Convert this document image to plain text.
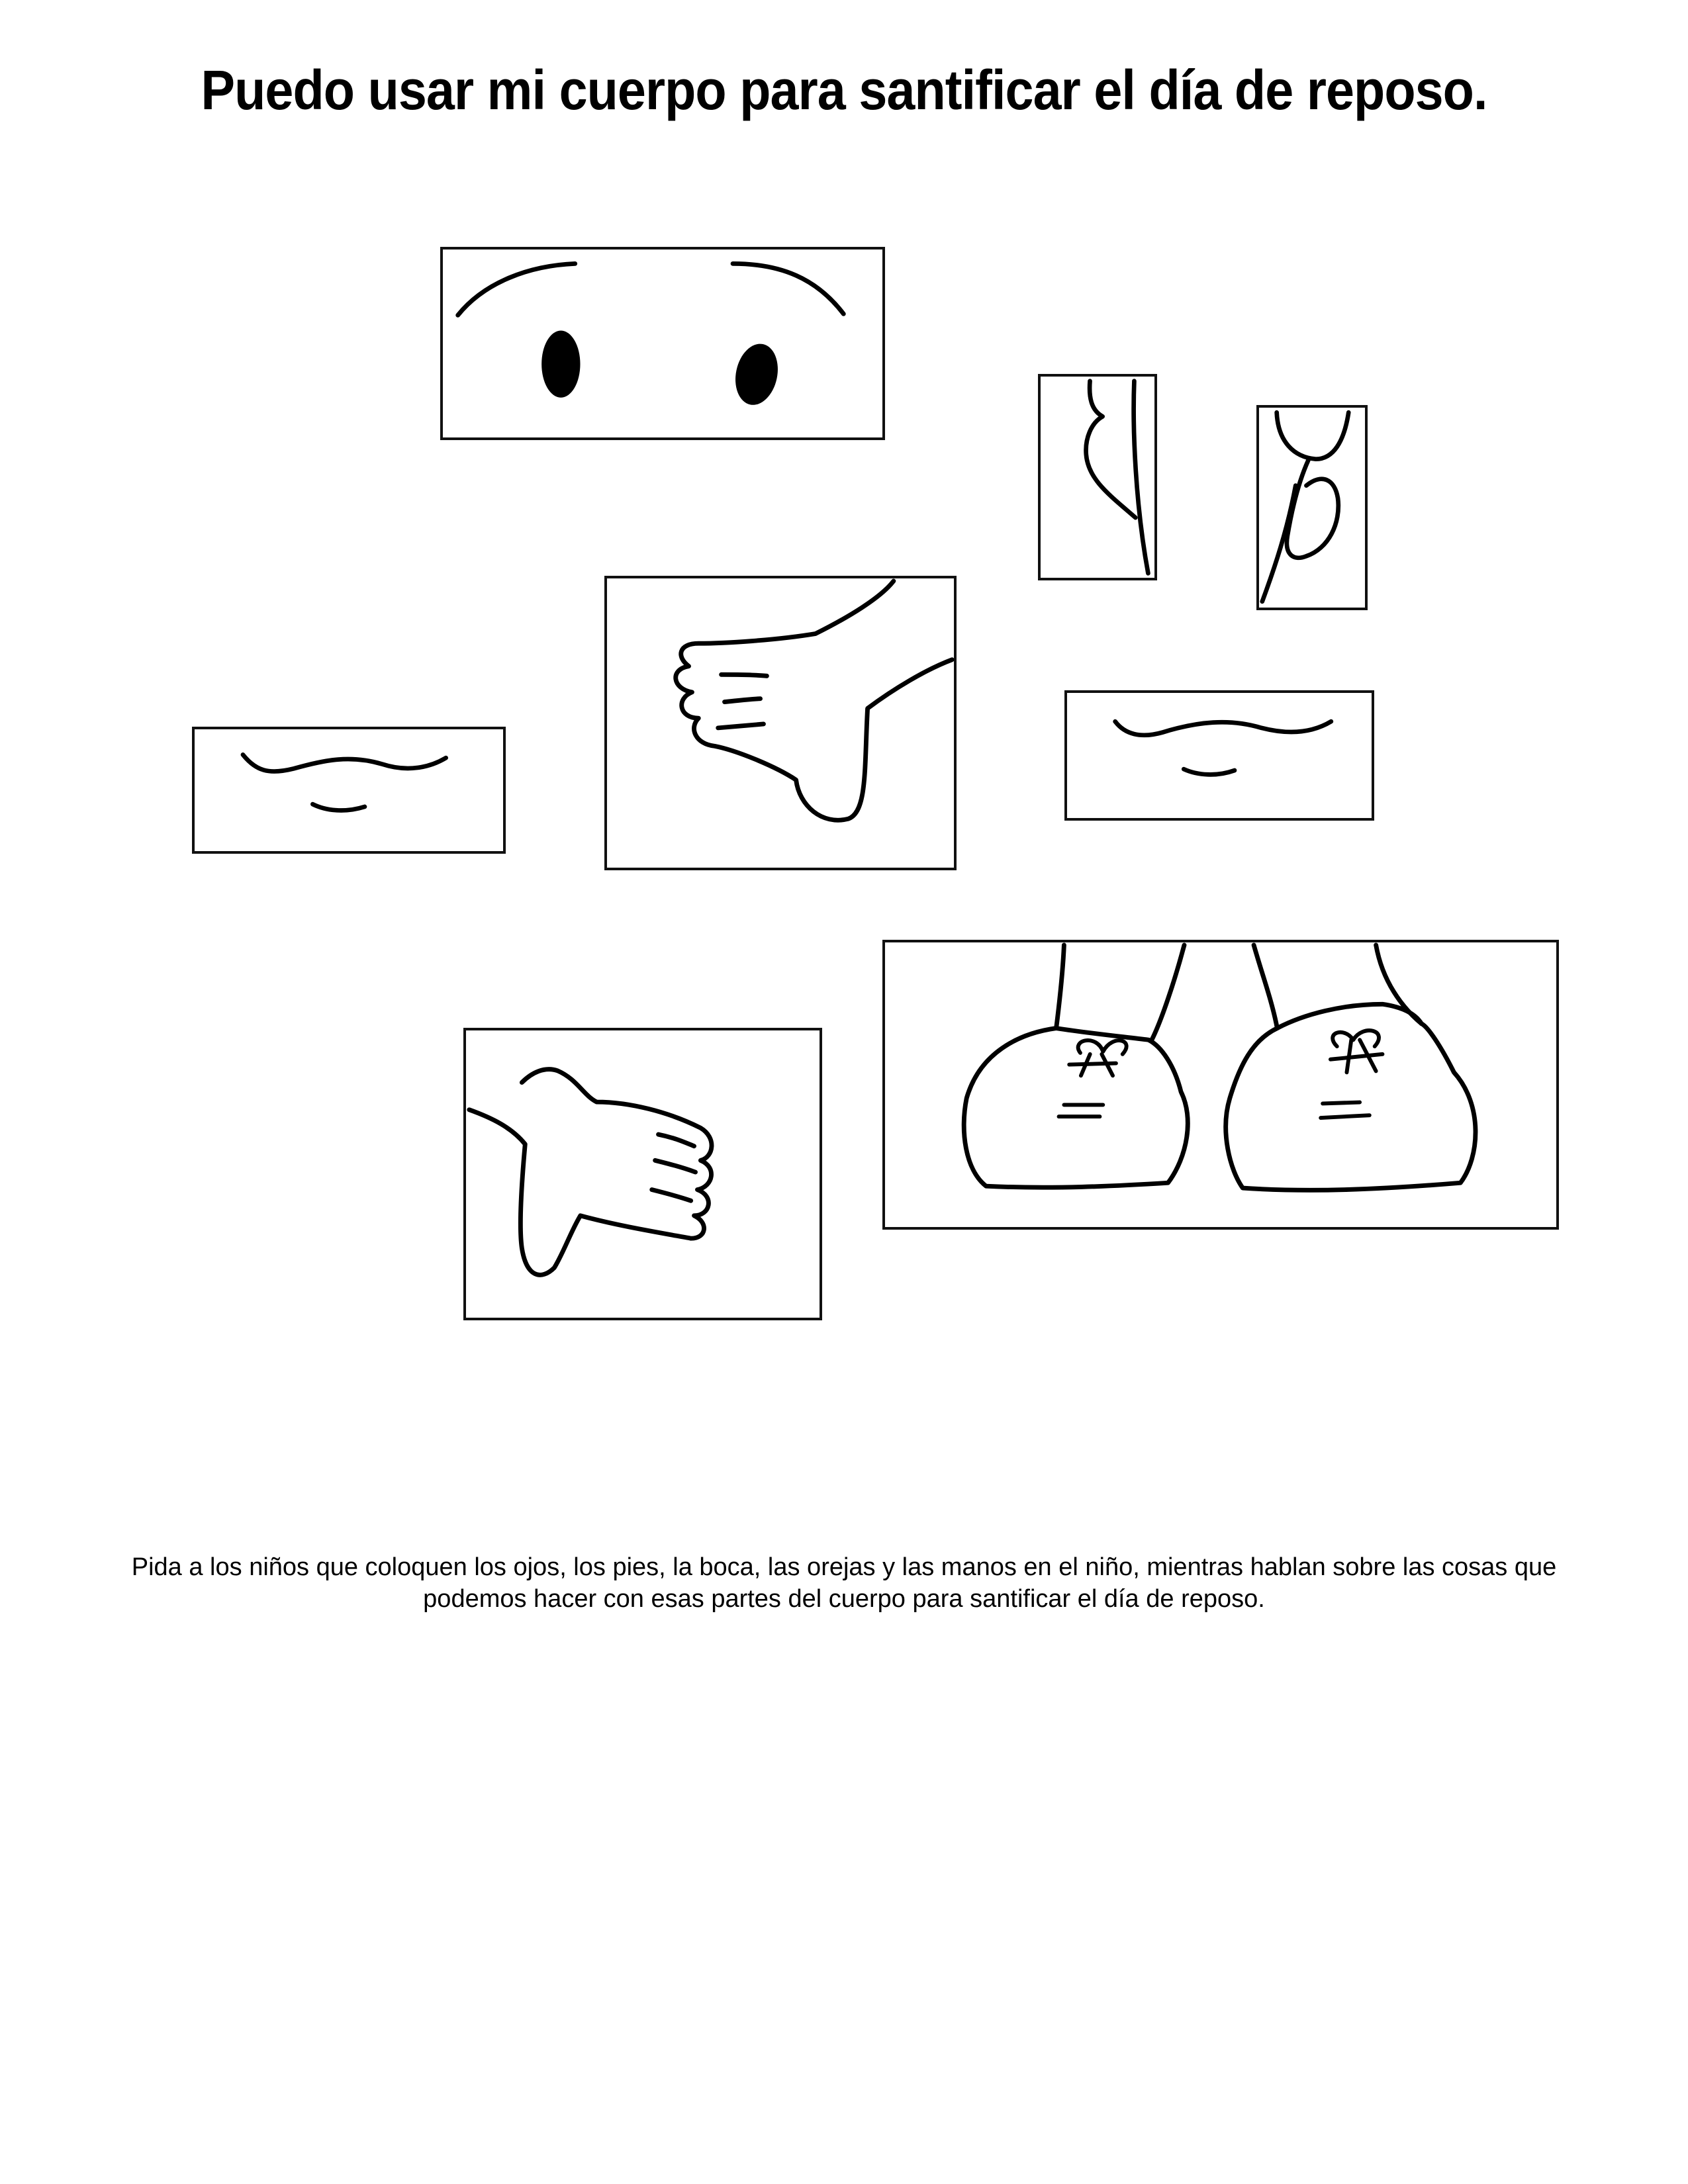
Puedo usar mi cuerpo para santificar el día de reposo.
Pida a los niños que coloquen los ojos, los pies, la boca, las orejas y las manos en el niño, mientras hablan sobre las cosas que podemos hacer con esas partes del cuerpo para santificar el día de reposo.
